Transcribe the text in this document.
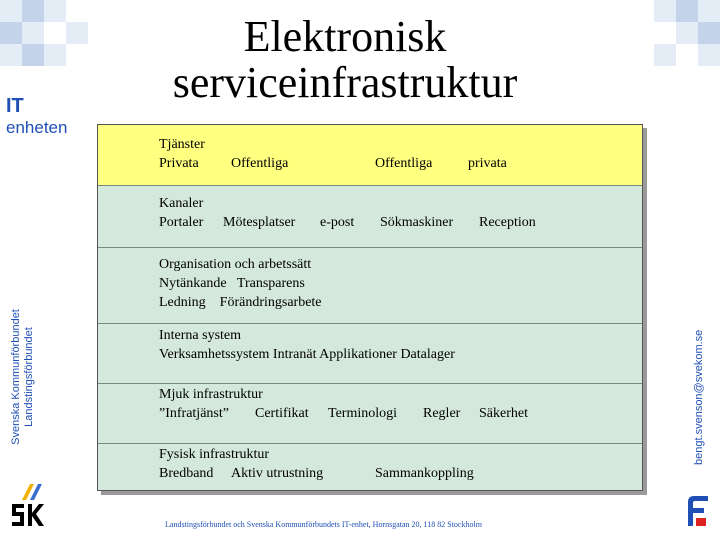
IT
enheten
Elektronisk
serviceinfrastruktur
Svenska Kommunförbundet Landstingsförbundet	bengt.svenson@svekom.se
Tjänster
Privata Offentliga	Offentliga	privata
Kanaler
Portaler Mötesplatser e-post Sökmaskiner Reception
Organisation och arbetssätt
Nytänkande   Transparens
Ledning    Förändringsarbete
Interna system
Verksamhetssystem Intranät Applikationer Datalager
Mjuk infrastruktur
”Infratjänst” Certifikat Terminologi Regler Säkerhet
Fysisk infrastruktur
Bredband Aktiv utrustning	Sammankoppling
Landstingsförbundet och Svenska Kommunförbundets IT-enhet, Hornsgatan 20, 118 82 Stockholm
